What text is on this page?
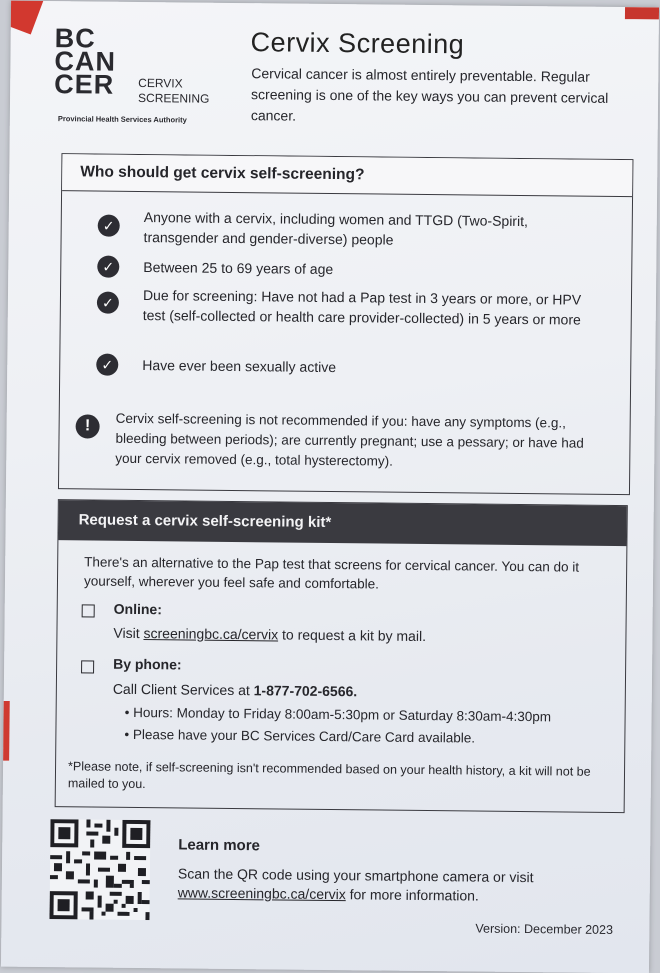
BC
CAN
CER CERVIX
SCREENING
Provincial Health Services Authority
Cervix Screening
Cervical cancer is almost entirely preventable. Regular screening is one of the key ways you can prevent cervical cancer.
Who should get cervix self-screening?
✓	Anyone with a cervix, including women and TTGD (Two-Spirit, transgender and gender-diverse) people
✓	Between 25 to 69 years of age
✓	Due for screening: Have not had a Pap test in 3 years or more, or HPV test (self-collected or health care provider-collected) in 5 years or more
✓	Have ever been sexually active
!	Cervix self-screening is not recommended if you: have any symptoms (e.g., bleeding between periods); are currently pregnant; use a pessary; or have had your cervix removed (e.g., total hysterectomy).
Request a cervix self-screening kit*
There's an alternative to the Pap test that screens for cervical cancer. You can do it yourself, wherever you feel safe and comfortable.
Online:
Visit screeningbc.ca/cervix to request a kit by mail.
By phone:
Call Client Services at 1-877-702-6566.
• Hours: Monday to Friday 8:00am-5:30pm or Saturday 8:30am-4:30pm
• Please have your BC Services Card/Care Card available.
*Please note, if self-screening isn't recommended based on your health history, a kit will not be mailed to you.
Learn more
Scan the QR code using your smartphone camera or visit www.screeningbc.ca/cervix for more information.
Version: December 2023
